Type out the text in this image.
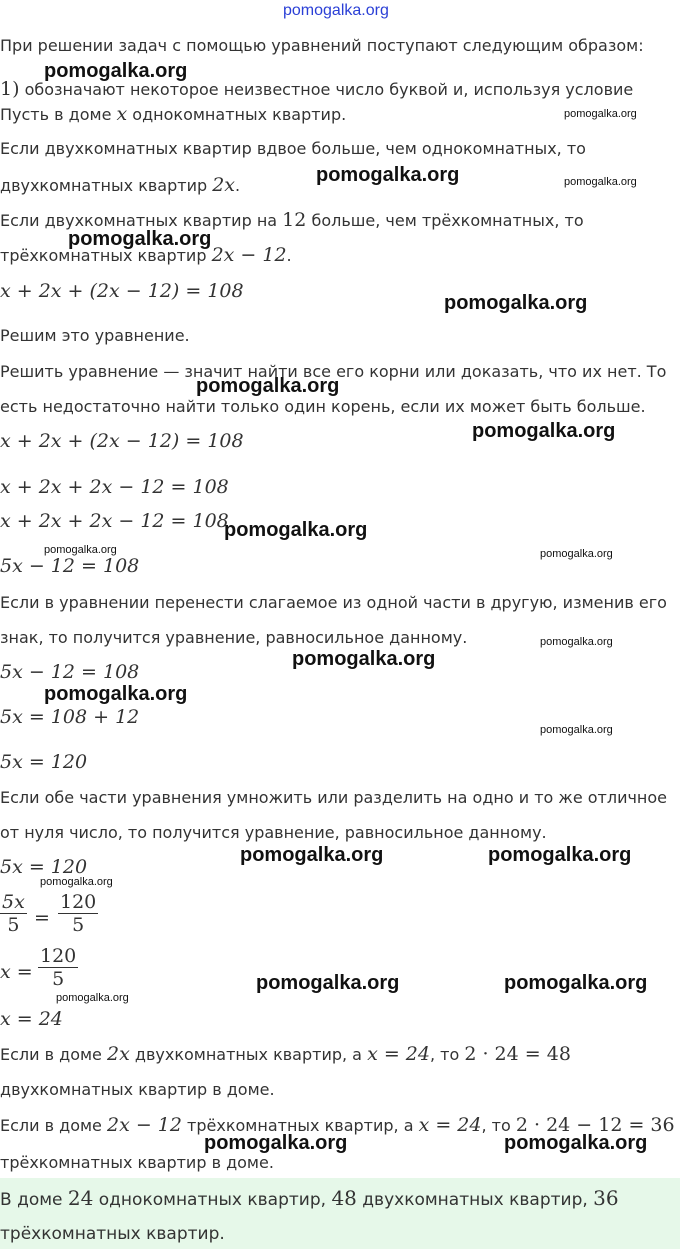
pomogalka.org
При решении задач с помощью уравнений поступают следующим образом:
1) обозначают некоторое неизвестное число буквой и, используя условие
Пусть в доме x однокомнатных квартир.
Если двухкомнатных квартир вдвое больше, чем однокомнатных, то
двухкомнатных квартир 2x.
Если двухкомнатных квартир на 12 больше, чем трёхкомнатных, то
трёхкомнатных квартир 2x − 12.
x + 2x + (2x − 12) = 108
Решим это уравнение.
Решить уравнение — значит найти все его корни или доказать, что их нет. То
есть недостаточно найти только один корень, если их может быть больше.
x + 2x + (2x − 12) = 108
x + 2x + 2x − 12 = 108
x + 2x + 2x − 12 = 108
5x − 12 = 108
Если в уравнении перенести слагаемое из одной части в другую, изменив его
знак, то получится уравнение, равносильное данному.
5x − 12 = 108
5x = 108 + 12
5x = 120
Если обе части уравнения умножить или разделить на одно и то же отличное
от нуля число, то получится уравнение, равносильное данному.
5x = 120
5x
5 =
120
5
x =
120
5
x = 24
Если в доме 2x двухкомнатных квартир, а x = 24, то 2 · 24 = 48
двухкомнатных квартир в доме.
Если в доме 2x − 12 трёхкомнатных квартир, а x = 24, то 2 · 24 − 12 = 36
трёхкомнатных квартир в доме.
В доме 24 однокомнатных квартир, 48 двухкомнатных квартир, 36
трёхкомнатных квартир.
pomogalka.org
pomogalka.org
pomogalka.org	pomogalka.org
pomogalka.org
pomogalka.org
pomogalka.org
pomogalka.org
pomogalka.org
pomogalka.org	pomogalka.org
pomogalka.org
pomogalka.org
pomogalka.org
pomogalka.org
pomogalka.org	pomogalka.org
pomogalka.org
pomogalka.org	pomogalka.org
pomogalka.org
pomogalka.org	pomogalka.org
